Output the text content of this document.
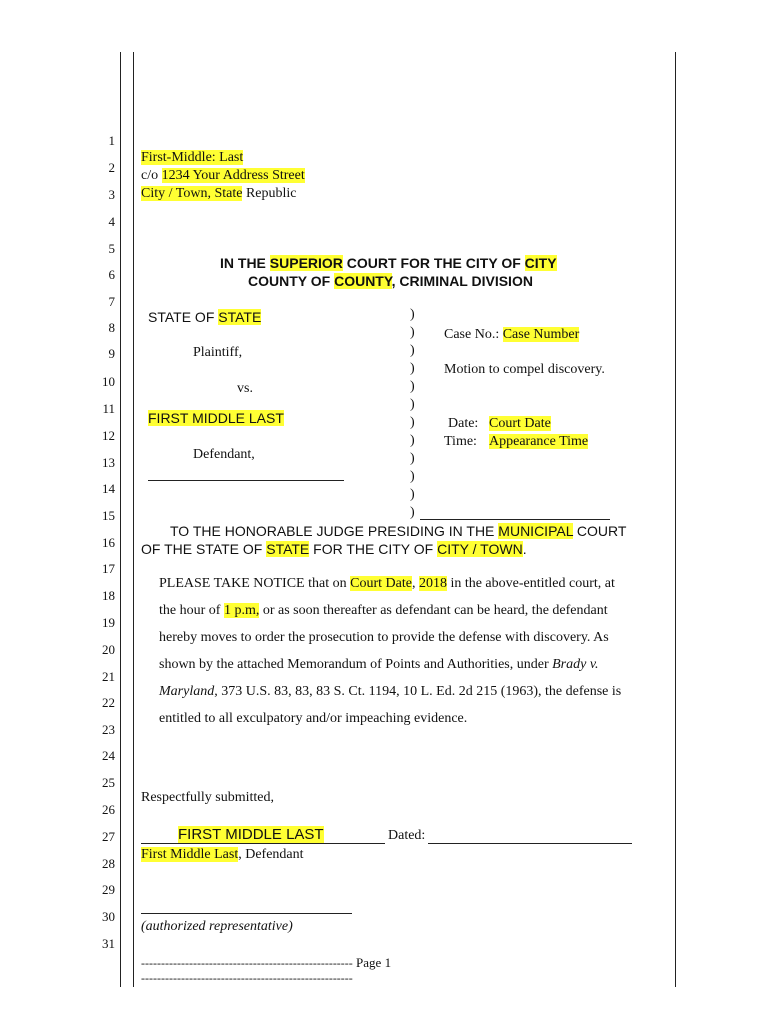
1
2
3
4
5
6
7
8
9
10
11
12
13
14
15
16
17
18
19
20
21
22
23
24
25
26
27
28
29
30
31
First-Middle: Last
c/o 1234 Your Address Street
City / Town, State Republic
IN THE SUPERIOR COURT FOR THE CITY OF CITY
COUNTY OF COUNTY, CRIMINAL DIVISION
STATE OF STATE
Plaintiff,
vs.
FIRST MIDDLE LAST
Defendant,
)
)
)
)
)
)
)
)
)
)
)
)
Case No.: Case Number
Motion to compel discovery.
Date: Court Date
Time: Appearance Time
TO THE HONORABLE JUDGE PRESIDING IN THE MUNICIPAL COURT
OF THE STATE OF STATE FOR THE CITY OF CITY / TOWN.
PLEASE TAKE NOTICE that on Court Date, 2018 in the above-entitled court, at
the hour of 1 p.m, or as soon thereafter as defendant can be heard, the defendant
hereby moves to order the prosecution to provide the defense with discovery. As
shown by the attached Memorandum of Points and Authorities, under Brady v.
Maryland, 373 U.S. 83, 83, 83 S. Ct. 1194, 10 L. Ed. 2d 215 (1963), the defense is
entitled to all exculpatory and/or impeaching evidence.
Respectfully submitted,
FIRST MIDDLE LAST	Dated:
First Middle Last, Defendant
(authorized representative)
----------------------------------------------------- Page 1
-----------------------------------------------------
